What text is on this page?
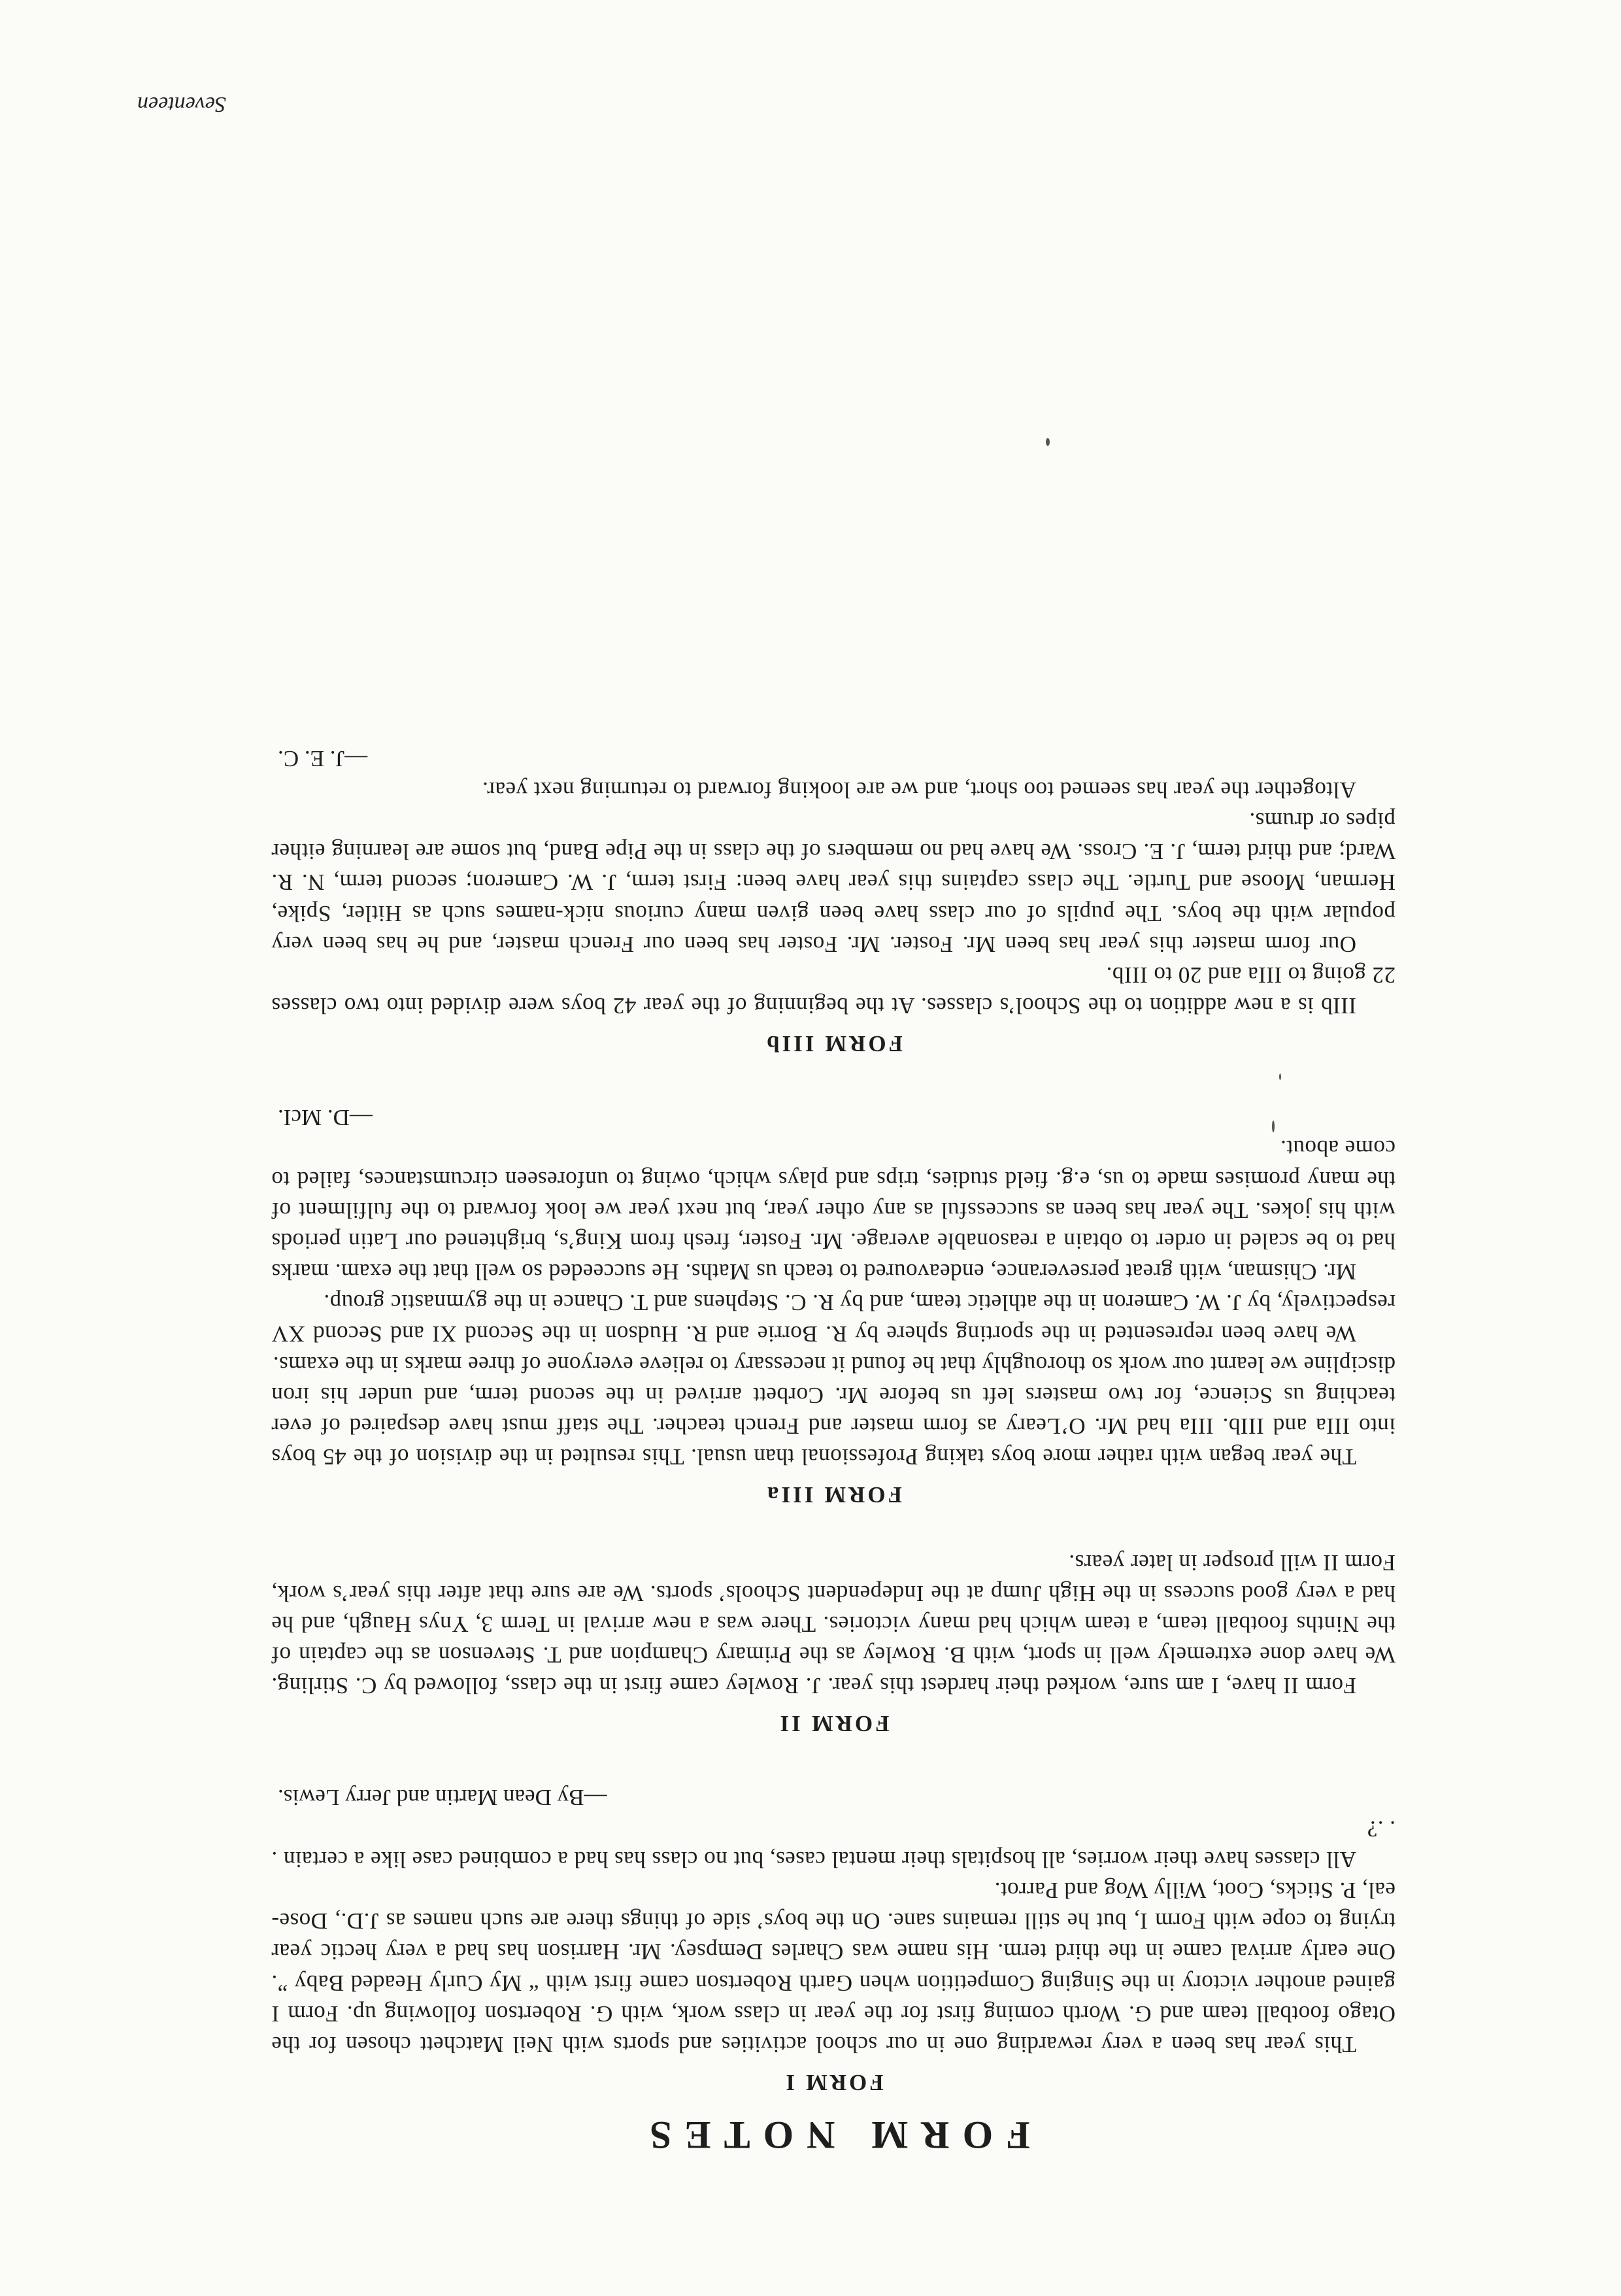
FORM NOTES
FORM I

This year has been a very rewarding one in our school activities and sports with Neil Matchett chosen for the Otago football team and G. Worth coming first for the year in class work, with G. Robertson following up. Form I gained another victory in the Singing Competition when Garth Robertson came first with “ My Curly Headed Baby ”. One early arrival came in the third term. His name was Charles Dempsey. Mr. Harrison has had a very hectic year trying to cope with Form I, but he still remains sane. On the boys’ side of things there are such names as J.D., Dose-eal, P. Sticks, Coot, Willy Wog and Parrot.

All classes have their worries, all hospitals their mental cases, but no class has had a combined case like a certain . . .?

—By Dean Martin and Jerry Lewis.

FORM II

Form II have, I am sure, worked their hardest this year. J. Rowley came first in the class, followed by C. Stirling. We have done extremely well in sport, with B. Rowley as the Primary Champion and T. Stevenson as the captain of the Ninths football team, a team which had many victories. There was a new arrival in Term 3, Ynys Haugh, and he had a very good success in the High Jump at the Independent Schools’ sports. We are sure that after this year’s work, Form II will prosper in later years.

FORM IIIa

The year began with rather more boys taking Professional than usual. This resulted in the division of the 45 boys into IIIa and IIIb. IIIa had Mr. O’Leary as form master and French teacher. The staff must have despaired of ever teaching us Science, for two masters left us before Mr. Corbett arrived in the second term, and under his iron discipline we learnt our work so thoroughly that he found it necessary to relieve everyone of three marks in the exams.

We have been represented in the sporting sphere by R. Borrie and R. Hudson in the Second XI and Second XV respectively, by J. W. Cameron in the athletic team, and by R. C. Stephens and T. Chance in the gymnastic group.

Mr. Chisman, with great perseverance, endeavoured to teach us Maths. He succeeded so well that the exam. marks had to be scaled in order to obtain a reasonable average. Mr. Foster, fresh from King’s, brightened our Latin periods with his jokes. The year has been as successful as any other year, but next year we look forward to the fulfilment of the many promises made to us, e.g. field studies, trips and plays which, owing to unforeseen circumstances, failed to come about.

—D. McI.

FORM IIIb

IIIb is a new addition to the School’s classes. At the beginning of the year 42 boys were divided into two classes 22 going to IIIa and 20 to IIIb.

Our form master this year has been Mr. Foster. Mr. Foster has been our French master, and he has been very popular with the boys. The pupils of our class have been given many curious nick-names such as Hitler, Spike, Herman, Moose and Turtle. The class captains this year have been: First term, J. W. Cameron; second term, N. R. Ward; and third term, J. E. Cross. We have had no members of the class in the Pipe Band, but some are learning either pipes or drums.

Altogether the year has seemed too short, and we are looking forward to returning next year.

—J. E. C.

Seventeen
